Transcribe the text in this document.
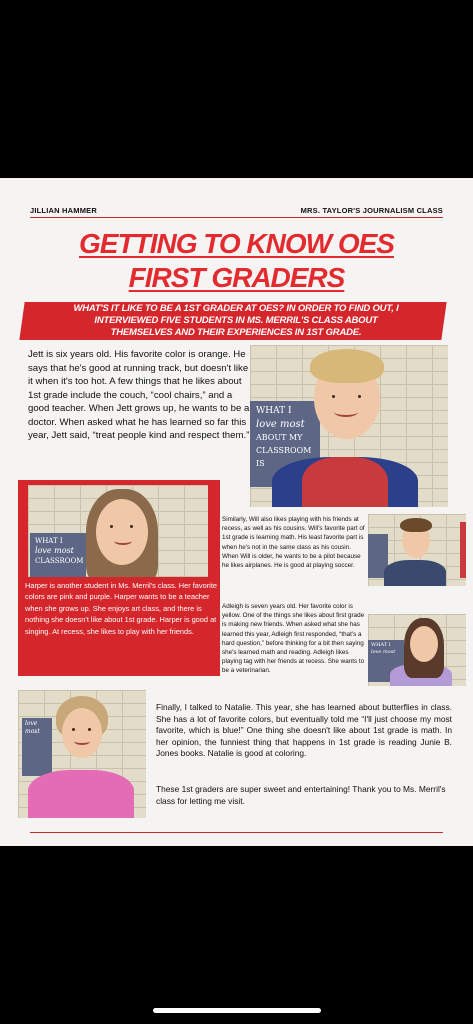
JILLIAN HAMMER	MRS. TAYLOR'S JOURNALISM CLASS
GETTING TO KNOW OES
FIRST GRADERS
WHAT'S IT LIKE TO BE A 1ST GRADER AT OES? IN ORDER TO FIND OUT, I
INTERVIEWED FIVE STUDENTS IN MS. MERRIL'S CLASS ABOUT
THEMSELVES AND THEIR EXPERIENCES IN 1ST GRADE.
Jett is six years old. His favorite color is orange. He says that he's good at running track, but doesn't like it when it's too hot. A few things that he likes about 1st grade include the couch, “cool chairs,” and a good teacher. When Jett grows up, he wants to be a doctor. When asked what he has learned so far this year, Jett said, “treat people kind and respect them.”
WHAT I
love most
ABOUT MY
CLASSROOM
IS
WHAT I
love most
CLASSROOM
Harper is another student in Ms. Merril's class. Her favorite colors are pink and purple. Harper wants to be a teacher when she grows up. She enjoys art class, and there is nothing she doesn't like about 1st grade. Harper is good at singing. At recess, she likes to play with her friends.
Similarly, Will also likes playing with his friends at recess, as well as his cousins. Will's favorite part of 1st grade is learning math. His least favorite part is when he's not in the same class as his cousin. When Will is older, he wants to be a pilot because he likes airplanes. He is good at playing soccer.
Adleigh is seven years old. Her favorite color is yellow. One of the things she likes about first grade is making new friends. When asked what she has learned this year, Adleigh first responded, “that's a hard question,” before thinking for a bit then saying she's learned math and reading. Adleigh likes playing tag with her friends at recess. She wants to be a veterinarian.
WHAT I
love most
love most
Finally, I talked to Natalie. This year, she has learned about butterflies in class. She has a lot of favorite colors, but eventually told me “I'll just choose my most favorite, which is blue!” One thing she doesn't like about 1st grade is math. In her opinion, the funniest thing that happens in 1st grade is reading Junie B. Jones books. Natalie is good at coloring.
These 1st graders are super sweet and entertaining! Thank you to Ms. Merril's class for letting me visit.
